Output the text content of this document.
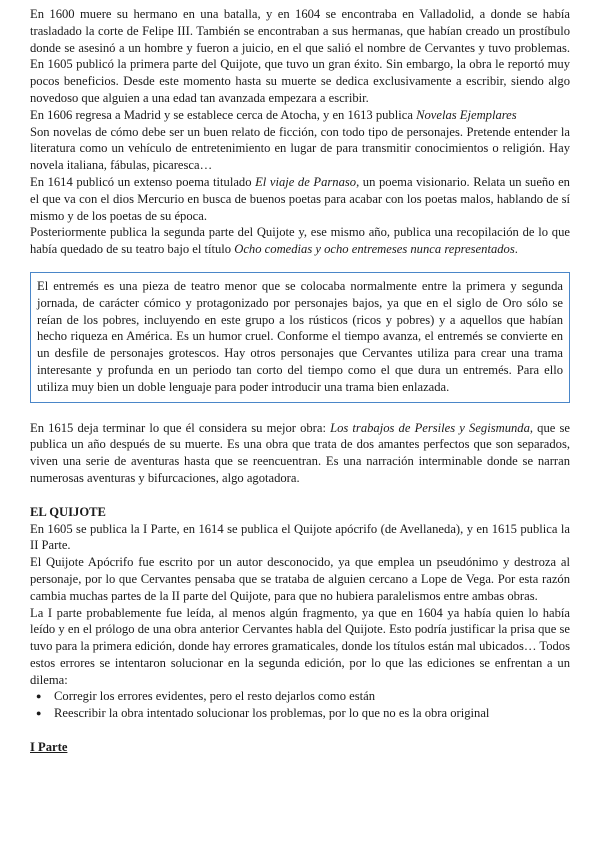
En 1600 muere su hermano en una batalla, y en 1604 se encontraba en Valladolid, a donde se había trasladado la corte de Felipe III. También se encontraban a sus hermanas, que habían creado un prostíbulo donde se asesinó a un hombre y fueron a juicio, en el que salió el nombre de Cervantes y tuvo problemas. En 1605 publicó la primera parte del Quijote, que tuvo un gran éxito. Sin embargo, la obra le reportó muy pocos beneficios. Desde este momento hasta su muerte se dedica exclusivamente a escribir, siendo algo novedoso que alguien a una edad tan avanzada empezara a escribir.

En 1606 regresa a Madrid y se establece cerca de Atocha, y en 1613 publica Novelas Ejemplares

Son novelas de cómo debe ser un buen relato de ficción, con todo tipo de personajes. Pretende entender la literatura como un vehículo de entretenimiento en lugar de para transmitir conocimientos o religión. Hay novela italiana, fábulas, picaresca…

En 1614 publicó un extenso poema titulado El viaje de Parnaso, un poema visionario. Relata un sueño en el que va con el dios Mercurio en busca de buenos poetas para acabar con los poetas malos, hablando de sí mismo y de los poetas de su época.

Posteriormente publica la segunda parte del Quijote y, ese mismo año, publica una recopilación de lo que había quedado de su teatro bajo el título Ocho comedias y ocho entremeses nunca representados.

El entremés es una pieza de teatro menor que se colocaba normalmente entre la primera y segunda jornada, de carácter cómico y protagonizado por personajes bajos, ya que en el siglo de Oro sólo se reían de los pobres, incluyendo en este grupo a los rústicos (ricos y pobres) y a aquellos que habían hecho riqueza en América. Es un humor cruel. Conforme el tiempo avanza, el entremés se convierte en un desfile de personajes grotescos. Hay otros personajes que Cervantes utiliza para crear una trama interesante y profunda en un periodo tan corto del tiempo como el que dura un entremés. Para ello utiliza muy bien un doble lenguaje para poder introducir una trama bien enlazada.

En 1615 deja terminar lo que él considera su mejor obra: Los trabajos de Persiles y Segismunda, que se publica un año después de su muerte. Es una obra que trata de dos amantes perfectos que son separados, viven una serie de aventuras hasta que se reencuentran. Es una narración interminable donde se narran numerosas aventuras y bifurcaciones, algo agotadora.

EL QUIJOTE

En 1605 se publica la I Parte, en 1614 se publica el Quijote apócrifo (de Avellaneda), y en 1615 publica la II Parte.

El Quijote Apócrifo fue escrito por un autor desconocido, ya que emplea un pseudónimo y destroza al personaje, por lo que Cervantes pensaba que se trataba de alguien cercano a Lope de Vega. Por esta razón cambia muchas partes de la II parte del Quijote, para que no hubiera paralelismos entre ambas obras.

La I parte probablemente fue leída, al menos algún fragmento, ya que en 1604 ya había quien lo había leído y en el prólogo de una obra anterior Cervantes habla del Quijote. Esto podría justificar la prisa que se tuvo para la primera edición, donde hay errores gramaticales, donde los títulos están mal ubicados… Todos estos errores se intentaron solucionar en la segunda edición, por lo que las ediciones se enfrentan a un dilema:

● Corregir los errores evidentes, pero el resto dejarlos como están
● Reescribir la obra intentado solucionar los problemas, por lo que no es la obra original
I Parte
